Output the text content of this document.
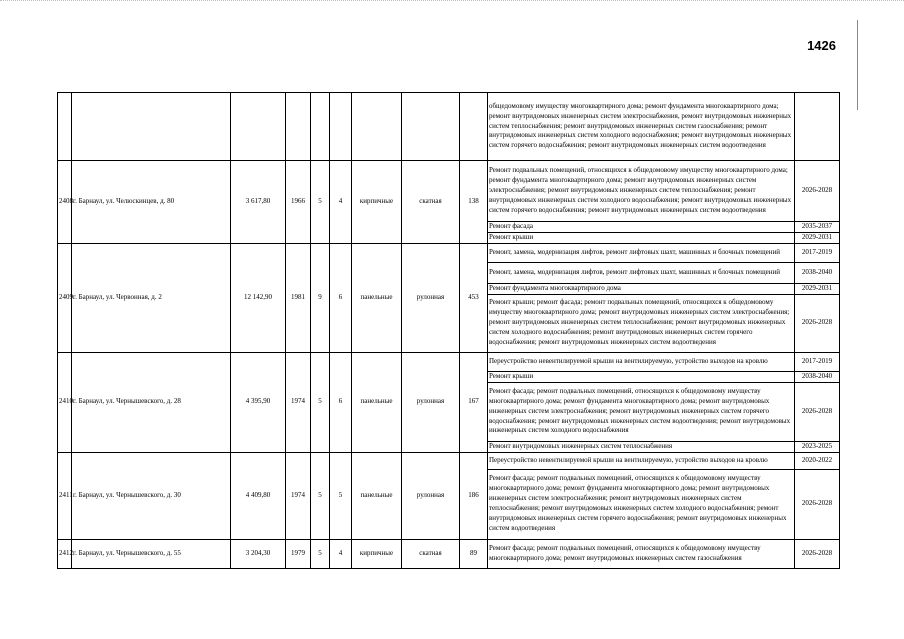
1426
									общедомовому имуществу многоквартирного дома; ремонт фундамента многоквартирного дома; ремонт внутридомовых инженерных систем электроснабжения, ремонт внутридомовых инженерных систем теплоснабжения; ремонт внутридомовых инженерных систем газоснабжения; ремонт внутридомовых инженерных систем холодного водоснабжения; ремонт внутридомовых инженерных систем горячего водоснабжения; ремонт внутридомовых инженерных систем водоотведения	
2408	г. Барнаул, ул. Челюскинцев, д. 80	3 617,80	1966	5	4	кирпичные	скатная	138	Ремонт подвальных помещений, относящихся к общедомовому имуществу многоквартирного дома; ремонт фундамента многоквартирного дома; ремонт внутридомовых инженерных систем электроснабжения; ремонт внутридомовых инженерных систем теплоснабжения; ремонт внутридомовых инженерных систем холодного водоснабжения; ремонт внутридомовых инженерных систем горячего водоснабжения; ремонт внутридомовых инженерных систем водоотведения	2026-2028
									Ремонт фасада	2035-2037
									Ремонт крыши	2029-2031
2409	г. Барнаул, ул. Червонная, д. 2	12 142,90	1981	9	6	панельные	рулонная	453	Ремонт, замена, модернизация лифтов, ремонт лифтовых шахт, машинных и блочных помещений	2017-2019
									Ремонт, замена, модернизация лифтов, ремонт лифтовых шахт, машинных и блочных помещений	2038-2040
									Ремонт фундамента многоквартирного дома	2029-2031
									Ремонт крыши; ремонт фасада; ремонт подвальных помещений, относящихся к общедомовому имуществу многоквартирного дома; ремонт внутридомовых инженерных систем электроснабжения; ремонт внутридомовых инженерных систем теплоснабжения; ремонт внутридомовых инженерных систем холодного водоснабжения; ремонт внутридомовых инженерных систем горячего водоснабжения; ремонт внутридомовых инженерных систем водоотведения	2026-2028
2410	г. Барнаул, ул. Чернышевского, д. 28	4 395,90	1974	5	6	панельные	рулонная	167	Переустройство невентилируемой крыши на вентилируемую, устройство выходов на кровлю	2017-2019
									Ремонт крыши	2038-2040
									Ремонт фасада; ремонт подвальных помещений, относящихся к общедомовому имуществу многоквартирного дома; ремонт фундамента многоквартирного дома; ремонт внутридомовых инженерных систем электроснабжения; ремонт внутридомовых инженерных систем горячего водоснабжения; ремонт внутридомовых инженерных систем водоотведения; ремонт внутридомовых инженерных систем холодного водоснабжения	2026-2028
									Ремонт внутридомовых инженерных систем теплоснабжения	2023-2025
2411	г. Барнаул, ул. Чернышевского, д. 30	4 409,80	1974	5	5	панельные	рулонная	186	Переустройство невентилируемой крыши на вентилируемую, устройство выходов на кровлю	2020-2022
									Ремонт фасада; ремонт подвальных помещений, относящихся к общедомовому имуществу многоквартирного дома; ремонт фундамента многоквартирного дома; ремонт внутридомовых инженерных систем электроснабжения; ремонт внутридомовых инженерных систем теплоснабжения; ремонт внутридомовых инженерных систем холодного водоснабжения; ремонт внутридомовых инженерных систем горячего водоснабжения; ремонт внутридомовых инженерных систем водоотведения	2026-2028
2412	г. Барнаул, ул. Чернышевского, д. 55	3 204,30	1979	5	4	кирпичные	скатная	89	Ремонт фасада; ремонт подвальных помещений, относящихся к общедомовому имуществу многоквартирного дома; ремонт внутридомовых инженерных систем газоснабжения	2026-2028
